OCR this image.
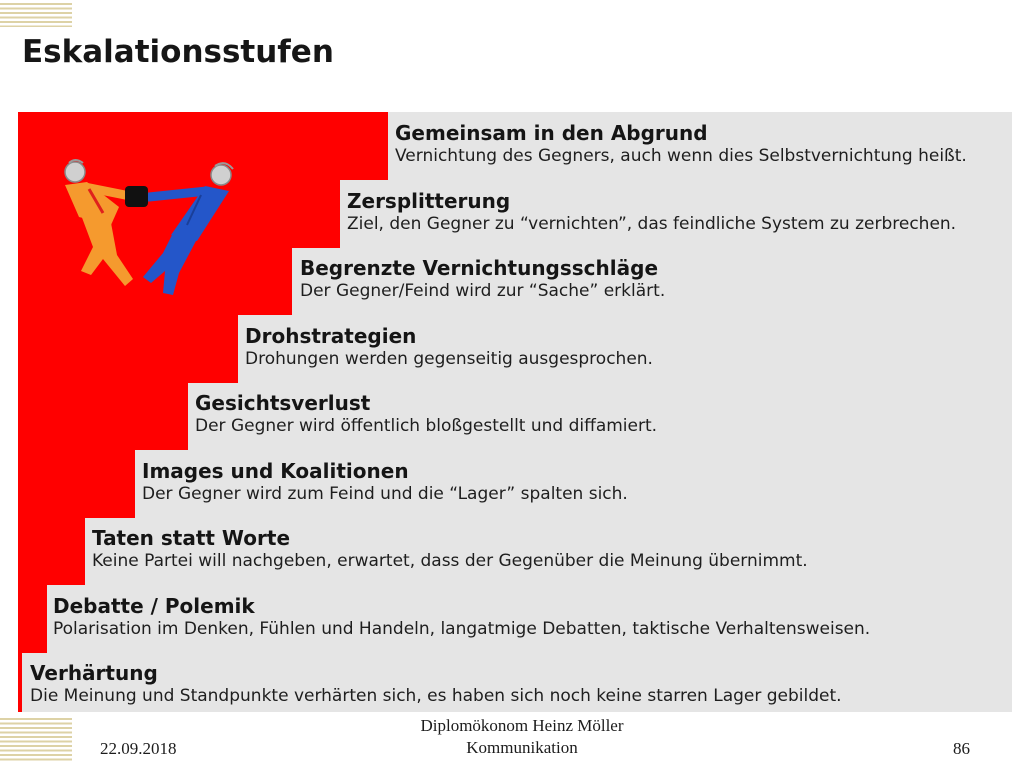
Eskalationsstufen
Gemeinsam in den Abgrund
Vernichtung des Gegners, auch wenn dies Selbstvernichtung heißt.
Zersplitterung
Ziel, den Gegner zu “vernichten”, das feindliche System zu zerbrechen.
Begrenzte Vernichtungsschläge
Der Gegner/Feind wird zur “Sache” erklärt.
Drohstrategien
Drohungen werden gegenseitig ausgesprochen.
Gesichtsverlust
Der Gegner wird öffentlich bloßgestellt und diffamiert.
Images und Koalitionen
Der Gegner wird zum Feind und die “Lager” spalten sich.
Taten statt Worte
Keine Partei will nachgeben, erwartet, dass der Gegenüber die Meinung übernimmt.
Debatte / Polemik
Polarisation im Denken, Fühlen und Handeln, langatmige Debatten, taktische Verhaltensweisen.
Verhärtung
Die Meinung und Standpunkte verhärten sich, es haben sich noch keine starren Lager gebildet.
22.09.2018
Diplomökonom Heinz Möller
Kommunikation	86
